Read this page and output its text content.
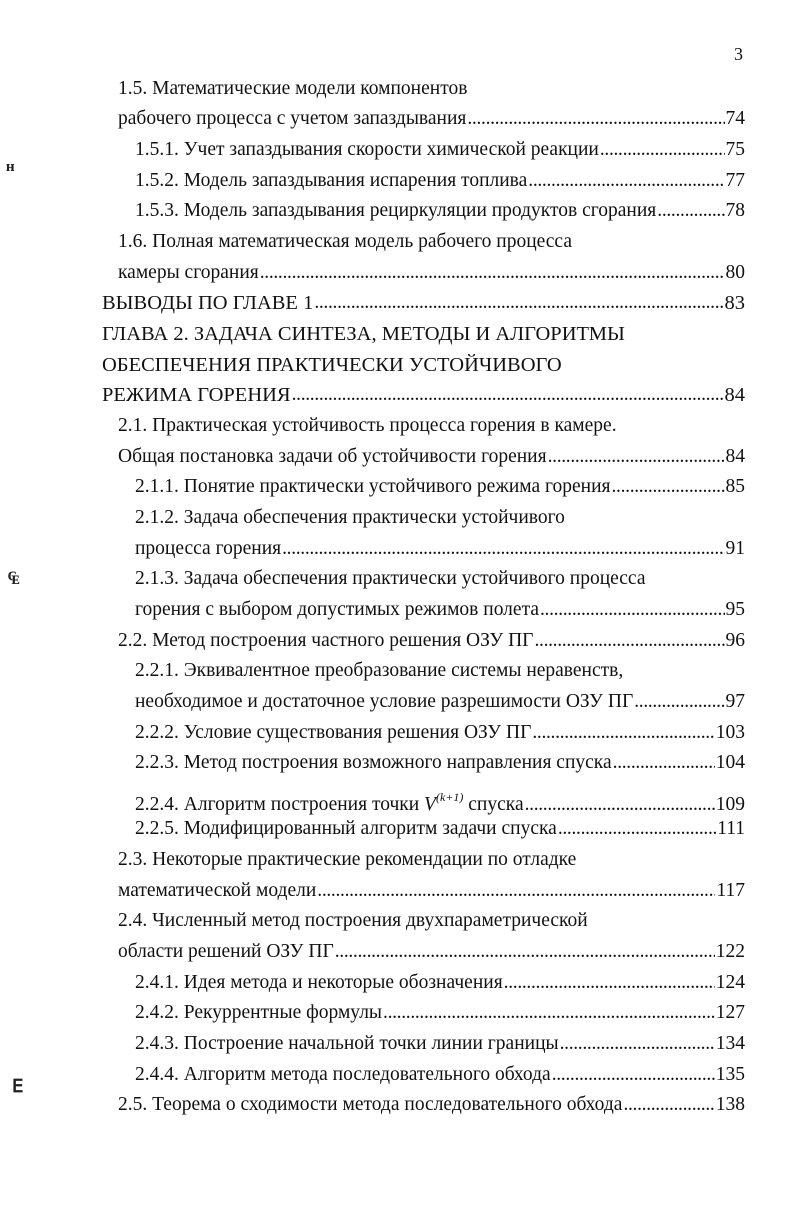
3
ᴴ
₠
ⴹ
1.5. Математические модели компонентов
рабочего процесса с учетом запаздывания . . .	74
1.5.1. Учет запаздывания скорости химической реакции . . .	75
1.5.2. Модель запаздывания испарения топлива . . .	77
1.5.3. Модель запаздывания рециркуляции продуктов сгорания . . .	78
1.6. Полная математическая модель рабочего процесса
камеры сгорания . . .	80
ВЫВОДЫ ПО ГЛАВЕ 1 . . .	83
ГЛАВА 2. ЗАДАЧА СИНТЕЗА, МЕТОДЫ И АЛГОРИТМЫ
ОБЕСПЕЧЕНИЯ ПРАКТИЧЕСКИ УСТОЙЧИВОГО
РЕЖИМА ГОРЕНИЯ . . .	84
2.1. Практическая устойчивость процесса горения в камере.
Общая постановка задачи об устойчивости горения . . .	84
2.1.1. Понятие практически устойчивого режима горения . . .	85
2.1.2. Задача обеспечения практически устойчивого
процесса горения . . .	91
2.1.3. Задача обеспечения практически устойчивого процесса
горения с выбором допустимых режимов полета . . .	95
2.2. Метод построения частного решения ОЗУ ПГ . . .	96
2.2.1. Эквивалентное преобразование системы неравенств,
необходимое и достаточное условие разрешимости ОЗУ ПГ . . .	97
2.2.2. Условие существования решения ОЗУ ПГ . . .	103
2.2.3. Метод построения возможного направления спуска . . .	104
2.2.4. Алгоритм построения точки $V^{(k+1)}$ спуска . . .	109
2.2.5. Модифицированный алгоритм задачи спуска . . .	111
2.3. Некоторые практические рекомендации по отладке
математической модели . . .	117
2.4. Численный метод построения двухпараметрической
области решений ОЗУ ПГ . . .	122
2.4.1. Идея метода и некоторые обозначения . . .	124
2.4.2. Рекуррентные формулы . . .	127
2.4.3. Построение начальной точки линии границы . . .	134
2.4.4. Алгоритм метода последовательного обхода . . .	135
2.5. Теорема о сходимости метода последовательного обхода . . .	138
